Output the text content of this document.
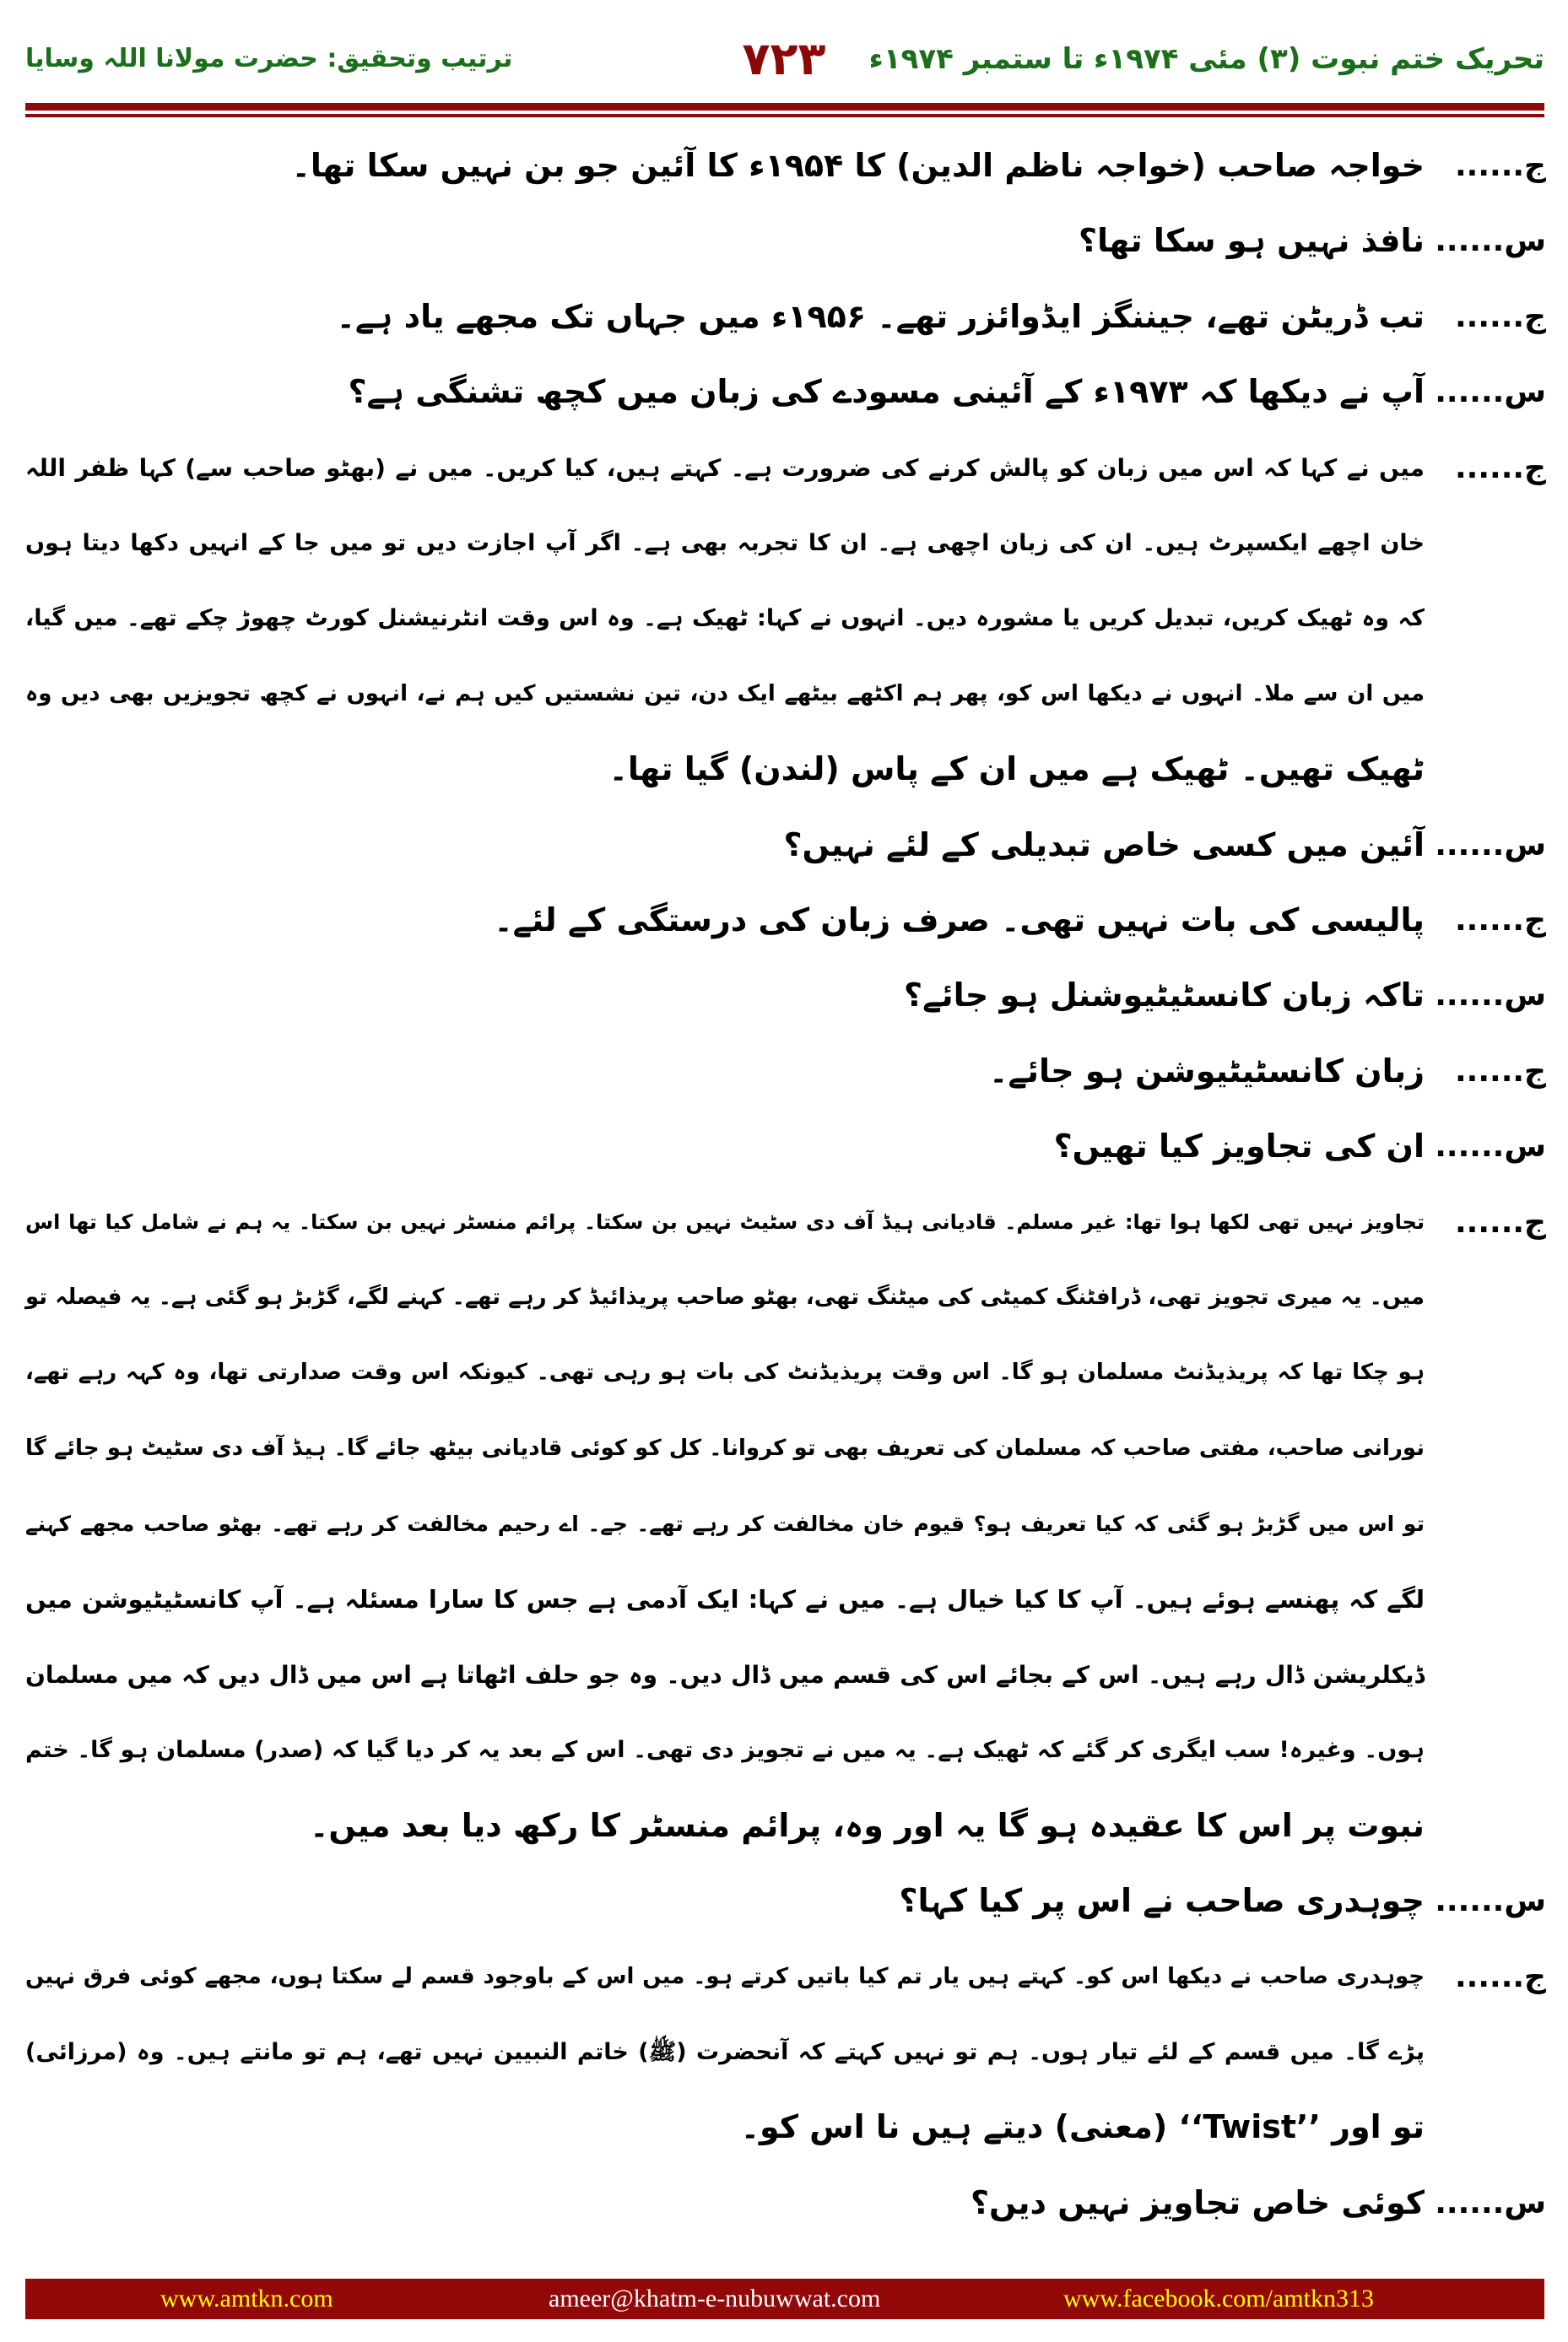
تحریک ختم نبوت (۳) مئی ۱۹۷۴ء تا ستمبر ۱۹۷۴ء
۷۲۳
ترتیب وتحقیق: حضرت مولانا اللہ وسایا
ج......
خواجہ صاحب (خواجہ ناظم الدین) کا ۱۹۵۴ء کا آئین جو بن نہیں سکا تھا۔
س......
نافذ نہیں ہو سکا تھا؟
ج......
تب ڈریٹن تھے، جیننگز ایڈوائزر تھے۔ ۱۹۵۶ء میں جہاں تک مجھے یاد ہے۔
س......
آپ نے دیکھا کہ ۱۹۷۳ء کے آئینی مسودے کی زبان میں کچھ تشنگی ہے؟
ج......
میں نے کہا کہ اس میں زبان کو پالش کرنے کی ضرورت ہے۔ کہتے ہیں، کیا کریں۔ میں نے (بھٹو صاحب سے) کہا ظفر اللہ
خان اچھے ایکسپرٹ ہیں۔ ان کی زبان اچھی ہے۔ ان کا تجربہ بھی ہے۔ اگر آپ اجازت دیں تو میں جا کے انہیں دکھا دیتا ہوں
کہ وہ ٹھیک کریں، تبدیل کریں یا مشورہ دیں۔ انہوں نے کہا: ٹھیک ہے۔ وہ اس وقت انٹرنیشنل کورٹ چھوڑ چکے تھے۔ میں گیا،
میں ان سے ملا۔ انہوں نے دیکھا اس کو، پھر ہم اکٹھے بیٹھے ایک دن، تین نشستیں کیں ہم نے، انہوں نے کچھ تجویزیں بھی دیں وہ
ٹھیک تھیں۔ ٹھیک ہے میں ان کے پاس (لندن) گیا تھا۔
س......
آئین میں کسی خاص تبدیلی کے لئے نہیں؟
ج......
پالیسی کی بات نہیں تھی۔ صرف زبان کی درستگی کے لئے۔
س......
تاکہ زبان کانسٹیٹیوشنل ہو جائے؟
ج......
زبان کانسٹیٹیوشن ہو جائے۔
س......
ان کی تجاویز کیا تھیں؟
ج......
تجاویز نہیں تھی لکھا ہوا تھا: غیر مسلم۔ قادیانی ہیڈ آف دی سٹیٹ نہیں بن سکتا۔ پرائم منسٹر نہیں بن سکتا۔ یہ ہم نے شامل کیا تھا اس
میں۔ یہ میری تجویز تھی، ڈرافٹنگ کمیٹی کی میٹنگ تھی، بھٹو صاحب پریذائیڈ کر رہے تھے۔ کہنے لگے، گڑبڑ ہو گئی ہے۔ یہ فیصلہ تو
ہو چکا تھا کہ پریذیڈنٹ مسلمان ہو گا۔ اس وقت پریذیڈنٹ کی بات ہو رہی تھی۔ کیونکہ اس وقت صدارتی تھا، وہ کہہ رہے تھے،
نورانی صاحب، مفتی صاحب کہ مسلمان کی تعریف بھی تو کروانا۔ کل کو کوئی قادیانی بیٹھ جائے گا۔ ہیڈ آف دی سٹیٹ ہو جائے گا
تو اس میں گڑبڑ ہو گئی کہ کیا تعریف ہو؟ قیوم خان مخالفت کر رہے تھے۔ جے۔ اے رحیم مخالفت کر رہے تھے۔ بھٹو صاحب مجھے کہنے
لگے کہ پھنسے ہوئے ہیں۔ آپ کا کیا خیال ہے۔ میں نے کہا: ایک آدمی ہے جس کا سارا مسئلہ ہے۔ آپ کانسٹیٹیوشن میں
ڈیکلریشن ڈال رہے ہیں۔ اس کے بجائے اس کی قسم میں ڈال دیں۔ وہ جو حلف اٹھاتا ہے اس میں ڈال دیں کہ میں مسلمان
ہوں۔ وغیرہ! سب ایگری کر گئے کہ ٹھیک ہے۔ یہ میں نے تجویز دی تھی۔ اس کے بعد یہ کر دیا گیا کہ (صدر) مسلمان ہو گا۔ ختم
نبوت پر اس کا عقیدہ ہو گا یہ اور وہ، پرائم منسٹر کا رکھ دیا بعد میں۔
س......
چوہدری صاحب نے اس پر کیا کہا؟
ج......
چوہدری صاحب نے دیکھا اس کو۔ کہتے ہیں یار تم کیا باتیں کرتے ہو۔ میں اس کے باوجود قسم لے سکتا ہوں، مجھے کوئی فرق نہیں
پڑے گا۔ میں قسم کے لئے تیار ہوں۔ ہم تو نہیں کہتے کہ آنحضرت (ﷺ) خاتم النبیین نہیں تھے، ہم تو مانتے ہیں۔ وہ (مرزائی)
تو اور ’’Twist‘‘ (معنی) دیتے ہیں نا اس کو۔
س......
کوئی خاص تجاویز نہیں دیں؟
www.amtkn.com	ameer@khatm-e-nubuwwat.com	www.facebook.com/amtkn313
